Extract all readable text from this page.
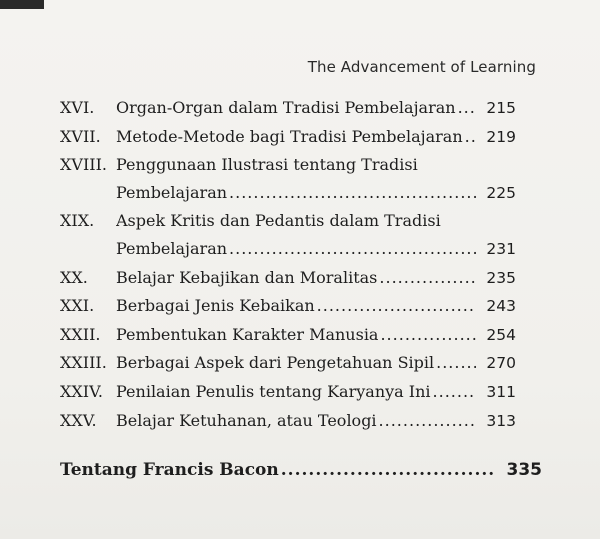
The Advancement of Learning
XVI. Organ-Organ dalam Tradisi Pembelajaran .....	215
XVII. Metode-Metode bagi Tradisi Pembelajaran .....	219
XVIII. Penggunaan Ilustrasi tentang Tradisi
Pembelajaran .....	225
XIX. Aspek Kritis dan Pedantis dalam Tradisi
Pembelajaran .....	231
XX. Belajar Kebajikan dan Moralitas .....	235
XXI. Berbagai Jenis Kebaikan .....	243
XXII. Pembentukan Karakter Manusia .....	254
XXIII. Berbagai Aspek dari Pengetahuan Sipil .....	270
XXIV. Penilaian Penulis tentang Karyanya Ini .....	311
XXV. Belajar Ketuhanan, atau Teologi .....	313
Tentang Francis Bacon .....	335
